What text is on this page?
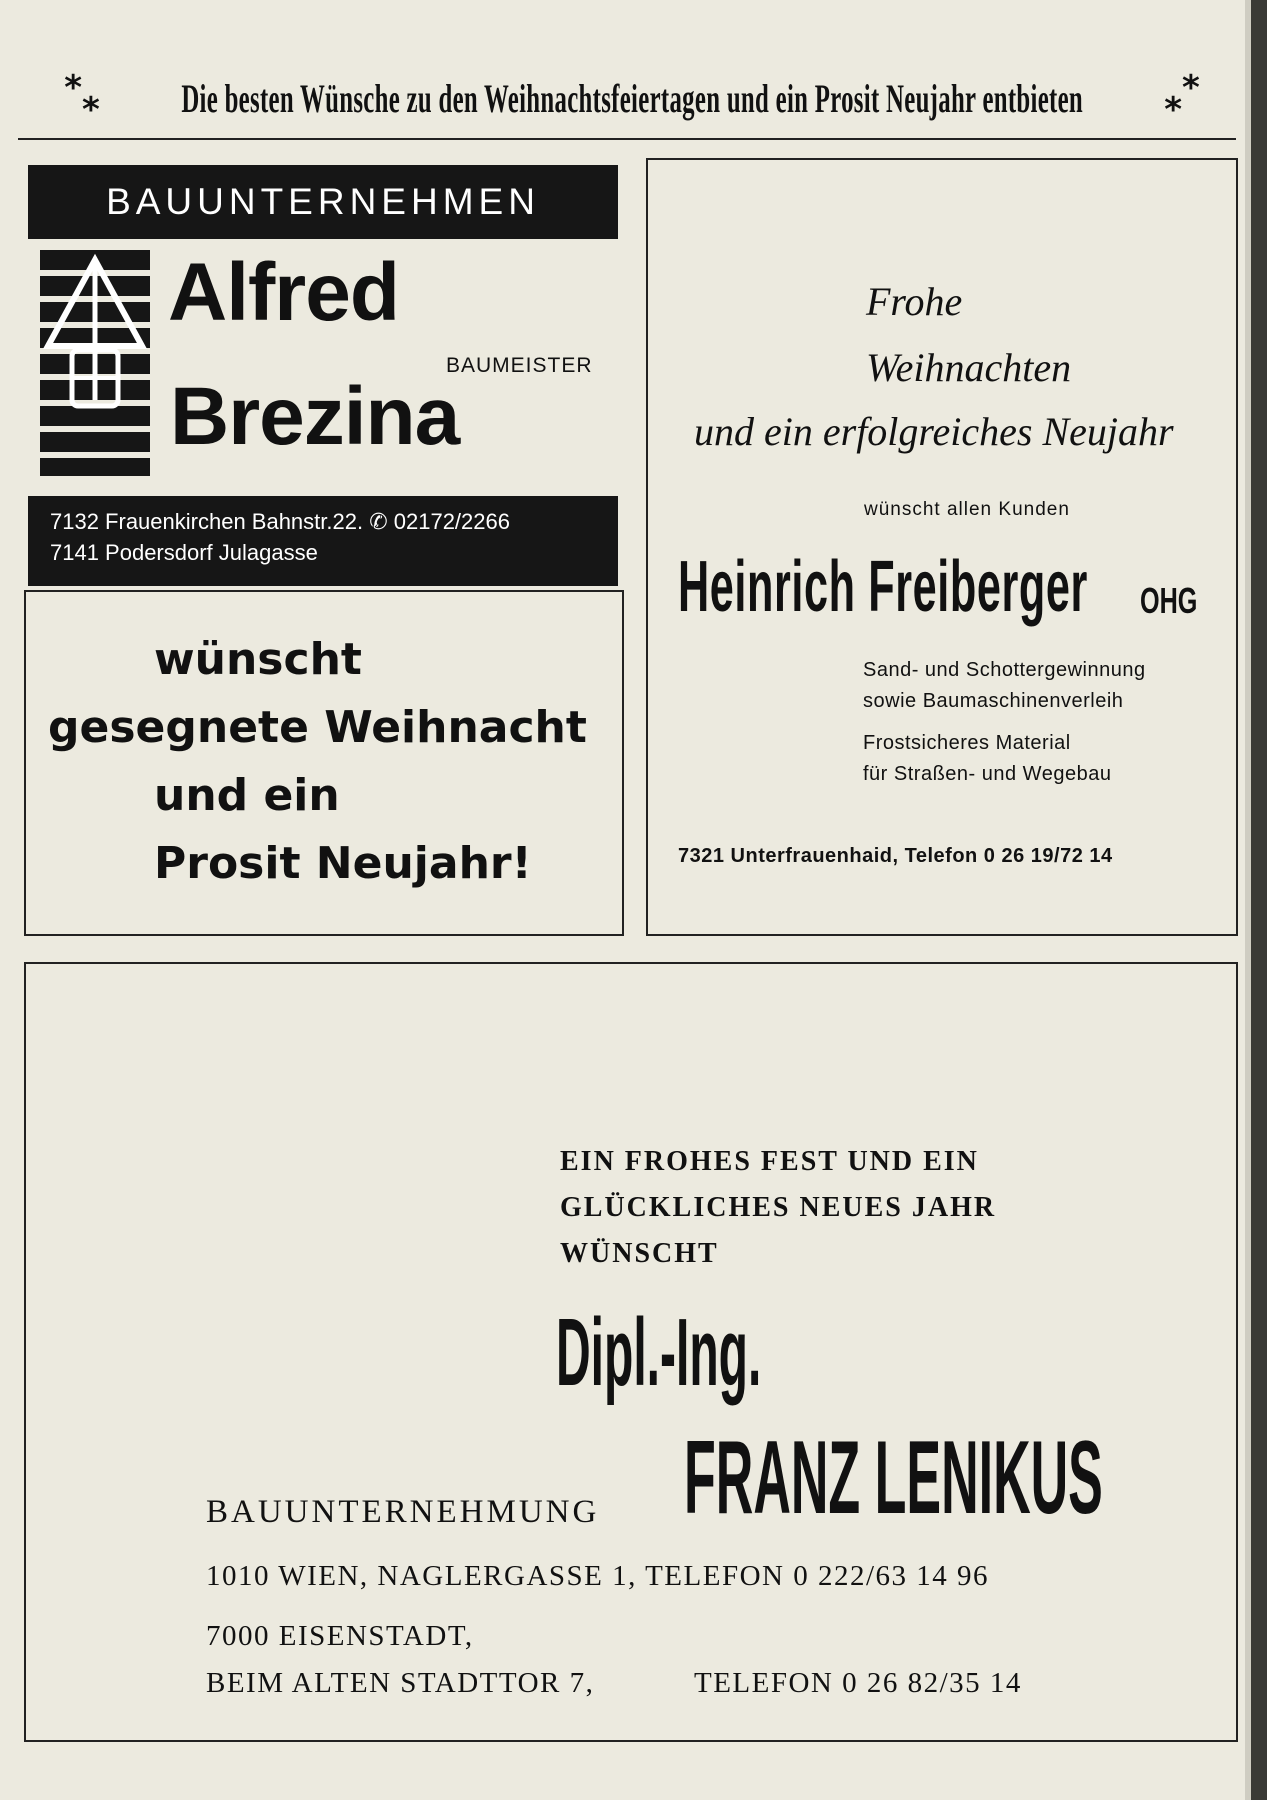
*
* Die besten Wünsche zu den Weihnachtsfeiertagen und ein Prosit Neujahr entbieten *
*
BAUUNTERNEHMEN
Alfred
BAUMEISTER
Brezina
7132 Frauenkirchen Bahnstr.22. ✆ 02172/2266
7141 Podersdorf Julagasse
wünscht
gesegnete Weihnacht
und ein
Prosit Neujahr!
Frohe
Weihnachten
und ein erfolgreiches Neujahr
wünscht allen Kunden
Heinrich Freiberger	OHG
Sand- und Schottergewinnung
sowie Baumaschinenverleih
Frostsicheres Material
für Straßen- und Wegebau
7321 Unterfrauenhaid, Telefon 0 26 19/72 14
EIN FROHES FEST UND EIN
GLÜCKLICHES NEUES JAHR
WÜNSCHT
Dipl.-Ing.
BAUUNTERNEHMUNG FRANZ LENIKUS
1010 WIEN, NAGLERGASSE 1, TELEFON 0 222/63 14 96
7000 EISENSTADT,
BEIM ALTEN STADTTOR 7,	TELEFON 0 26 82/35 14
